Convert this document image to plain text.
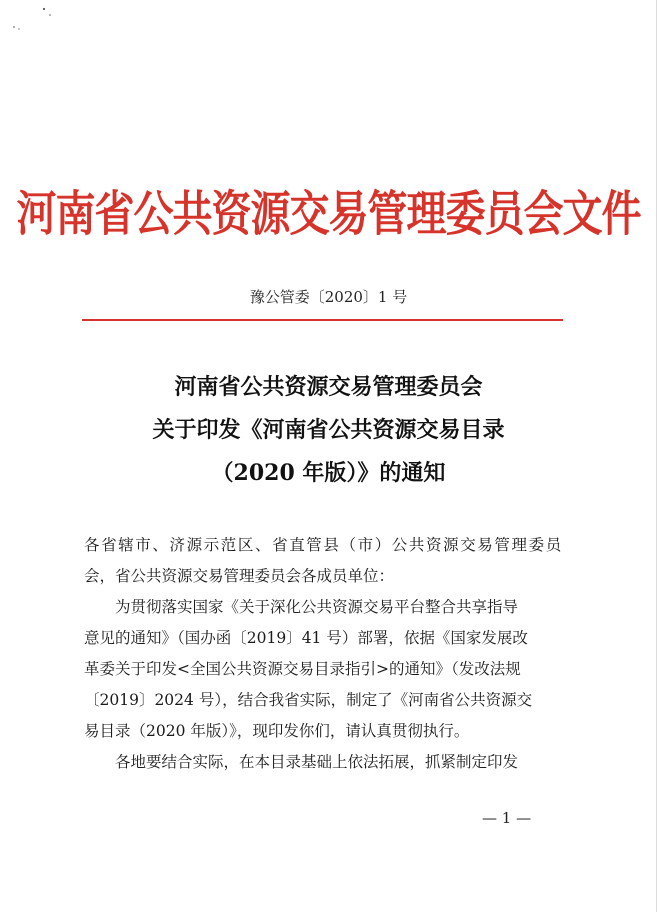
河南省公共资源交易管理委员会文件
豫公管委〔2020〕1 号
河南省公共资源交易管理委员会
关于印发《河南省公共资源交易目录
（2020 年版）》的通知
各省辖市、济源示范区、省直管县（市）公共资源交易管理委员
会，省公共资源交易管理委员会各成员单位：
为贯彻落实国家《关于深化公共资源交易平台整合共享指导
意见的通知》（国办函〔2019〕41 号）部署，依据《国家发展改
革委关于印发<全国公共资源交易目录指引>的通知》（发改法规
〔2019〕2024 号），结合我省实际，制定了《河南省公共资源交
易目录（2020 年版）》，现印发你们，请认真贯彻执行。
各地要结合实际，在本目录基础上依法拓展，抓紧制定印发
— 1 —
